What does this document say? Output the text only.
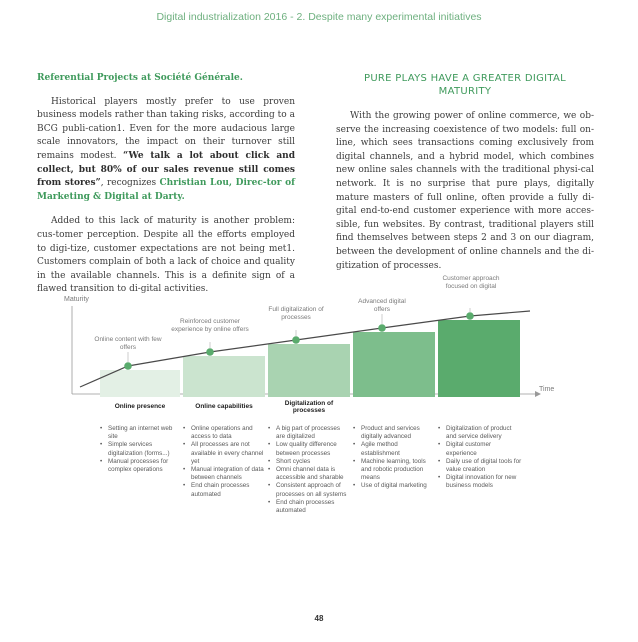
Digital industrialization 2016 - 2. Despite many experimental initiatives
Referential Projects at Société Générale.

Historical players mostly prefer to use proven business models rather than taking risks, according to a BCG publi-cation1. Even for the more audacious large scale innovators, the impact on their turnover still remains modest. “We talk a lot about click and collect, but 80% of our sales revenue still comes from stores”, recognizes Christian Lou, Direc-tor of Marketing & Digital at Darty.

Added to this lack of maturity is another problem: cus-tomer perception. Despite all the efforts employed to digi-tize, customer expectations are not being met1. Customers complain of both a lack of choice and quality in the available channels. This is a definite sign of a flawed transition to di-gital activities.

PURE PLAYS HAVE A GREATER DIGITAL MATURITY

With the growing power of online commerce, we ob-serve the increasing coexistence of two models: full on-line, which sees transactions coming exclusively from digital channels, and a hybrid model, which combines new online sales channels with the traditional physi-cal network. It is no surprise that pure plays, digitally mature masters of full online, often provide a fully di-gital end-to-end customer experience with more acces-sible, fun websites. By contrast, traditional players still find themselves between steps 2 and 3 on our diagram, between the development of online channels and the di-gitization of processes.

Maturity
Time
Online content with few offers
Reinforced customer experience by online offers
Full digitalization of processes
Advanced digital offers
Customer approach focused on digital
Online presence	Online capabilities	Digitalization of processes	New digital capabilities	Digital customer's course
• Setting an internet web site
• Simple services digitalization (forms...)
• Manual processes for complex operations
• Online operations and access to data
• All processes are not available in every channel yet
• Manual integration of data between channels
• End chain processes automated
• A big part of processes are digitalized
• Low quality difference between processes
• Short cycles
• Omni channel data is accessible and sharable
• Consistent approach of processes on all systems
• End chain processes automated
• Product and services digitally advanced
• Agile method establishment
• Machine learning, tools and robotic production means
• Use of digital marketing
• Digitalization of product and service delivery
• Digital customer experience
• Daily use of digital tools for value creation
• Digital innovation for new business models
48
